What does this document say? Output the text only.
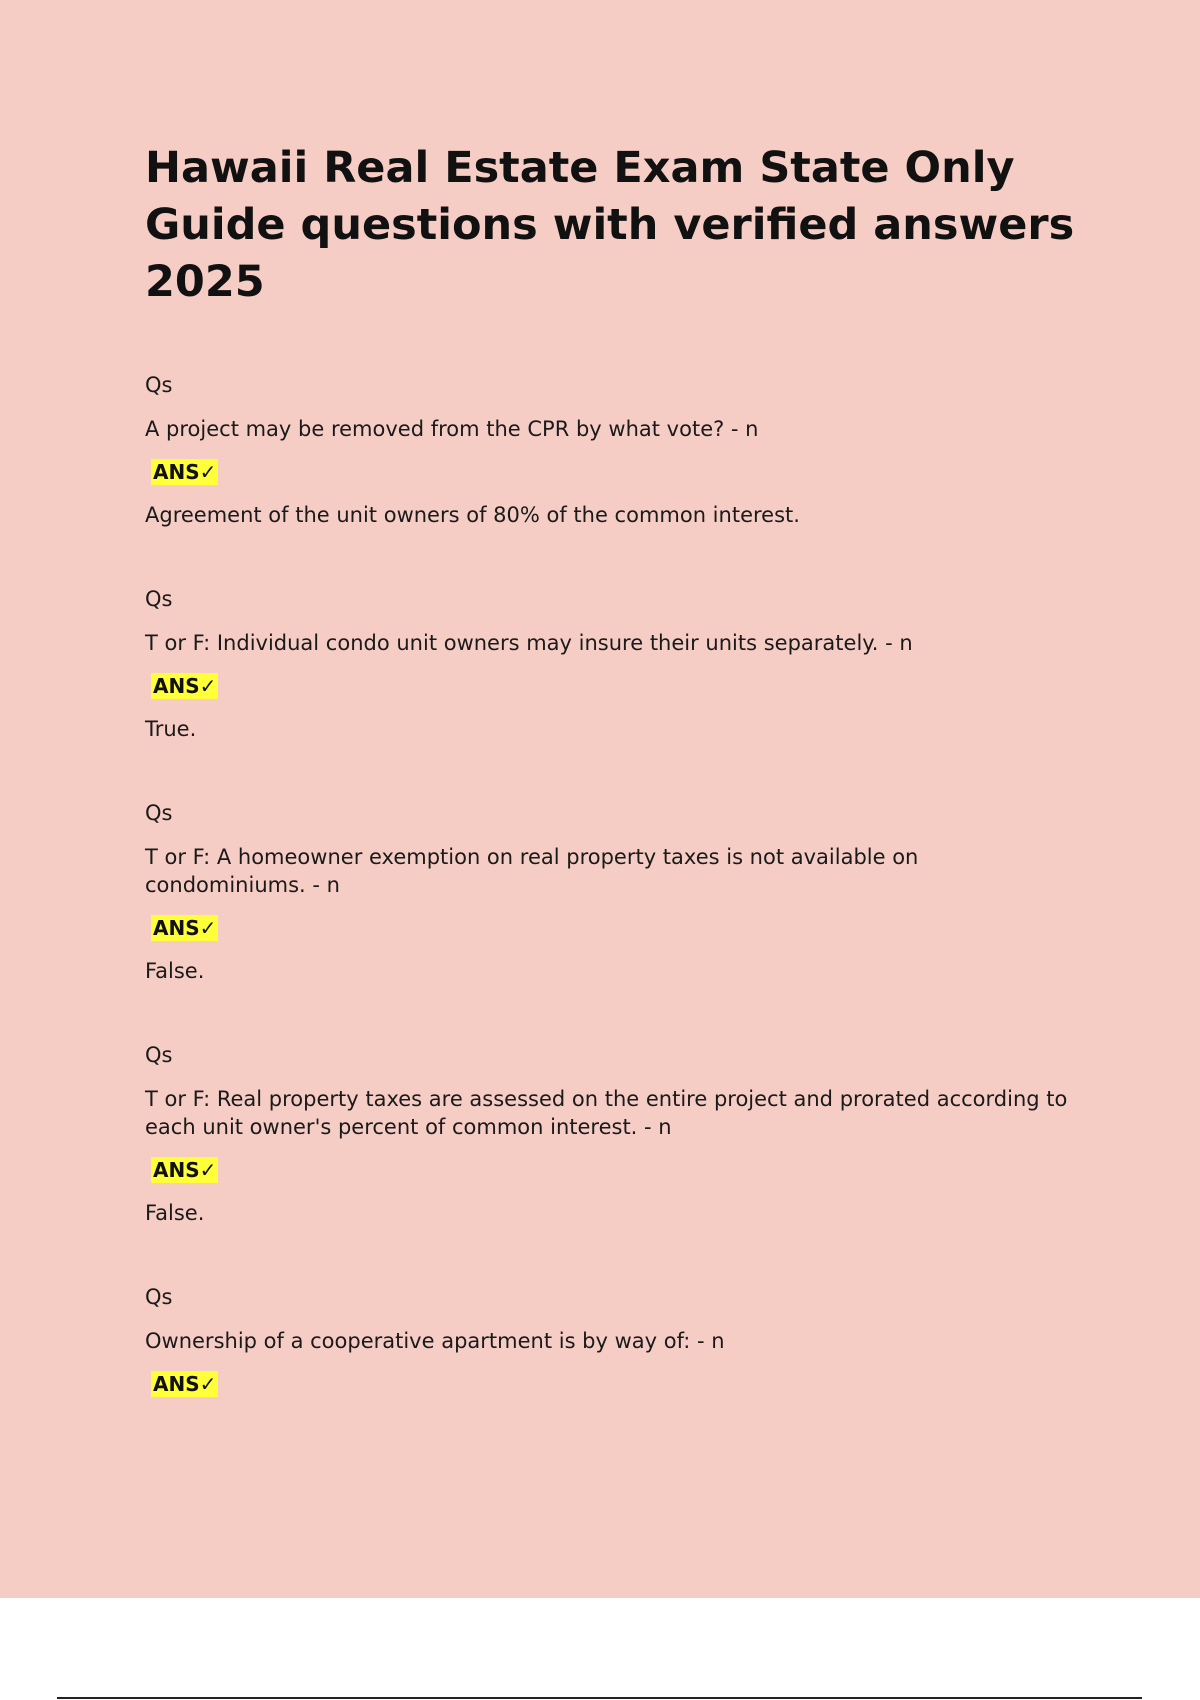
Hawaii Real Estate Exam State Only Guide questions with verified answers 2025

Qs

A project may be removed from the CPR by what vote? - n

ANS✓

Agreement of the unit owners of 80% of the common interest.

Qs

T or F: Individual condo unit owners may insure their units separately. - n

ANS✓

True.

Qs

T or F: A homeowner exemption on real property taxes is not available on condominiums. - n

ANS✓

False.

Qs

T or F: Real property taxes are assessed on the entire project and prorated according to each unit owner's percent of common interest. - n

ANS✓

False.

Qs

Ownership of a cooperative apartment is by way of: - n

ANS✓
